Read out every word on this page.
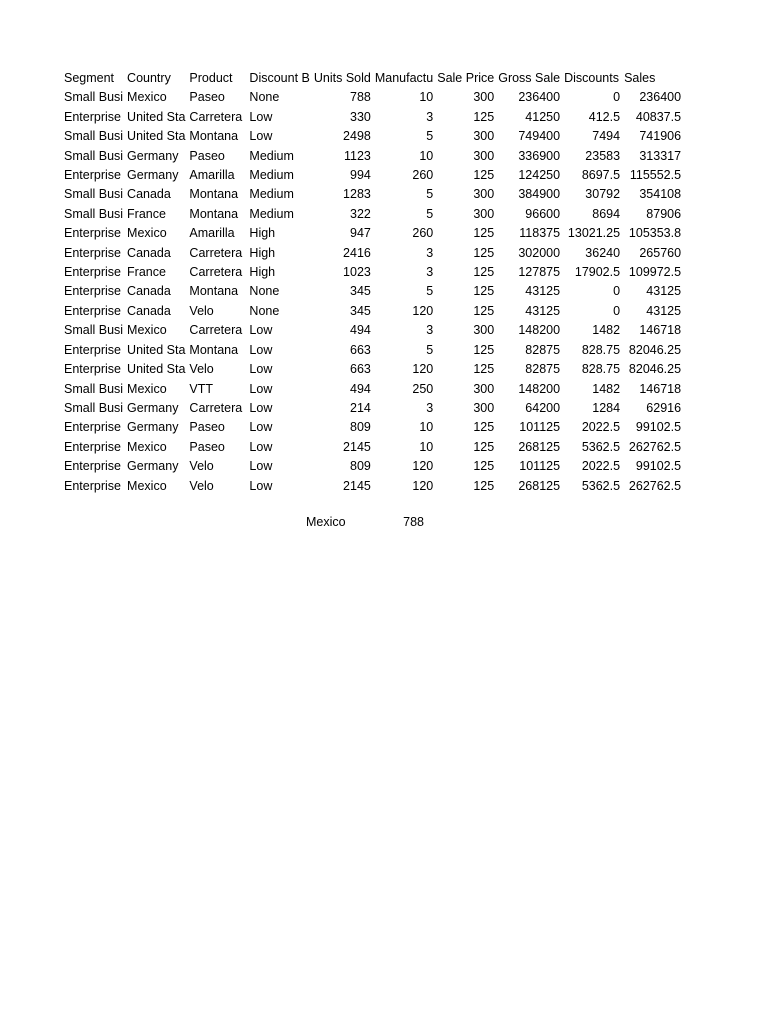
Segment	Country	Product	Discount B	Units Sold	Manufactu	Sale Price	Gross Sale	Discounts	Sales
Small Busi	Mexico	Paseo	None	788	10	300	236400	0	236400
Enterprise	United Sta	Carretera	Low	330	3	125	41250	412.5	40837.5
Small Busi	United Sta	Montana	Low	2498	5	300	749400	7494	741906
Small Busi	Germany	Paseo	Medium	1123	10	300	336900	23583	313317
Enterprise	Germany	Amarilla	Medium	994	260	125	124250	8697.5	115552.5
Small Busi	Canada	Montana	Medium	1283	5	300	384900	30792	354108
Small Busi	France	Montana	Medium	322	5	300	96600	8694	87906
Enterprise	Mexico	Amarilla	High	947	260	125	118375	13021.25	105353.8
Enterprise	Canada	Carretera	High	2416	3	125	302000	36240	265760
Enterprise	France	Carretera	High	1023	3	125	127875	17902.5	109972.5
Enterprise	Canada	Montana	None	345	5	125	43125	0	43125
Enterprise	Canada	Velo	None	345	120	125	43125	0	43125
Small Busi	Mexico	Carretera	Low	494	3	300	148200	1482	146718
Enterprise	United Sta	Montana	Low	663	5	125	82875	828.75	82046.25
Enterprise	United Sta	Velo	Low	663	120	125	82875	828.75	82046.25
Small Busi	Mexico	VTT	Low	494	250	300	148200	1482	146718
Small Busi	Germany	Carretera	Low	214	3	300	64200	1284	62916
Enterprise	Germany	Paseo	Low	809	10	125	101125	2022.5	99102.5
Enterprise	Mexico	Paseo	Low	2145	10	125	268125	5362.5	262762.5
Enterprise	Germany	Velo	Low	809	120	125	101125	2022.5	99102.5
Enterprise	Mexico	Velo	Low	2145	120	125	268125	5362.5	262762.5
Mexico	788
